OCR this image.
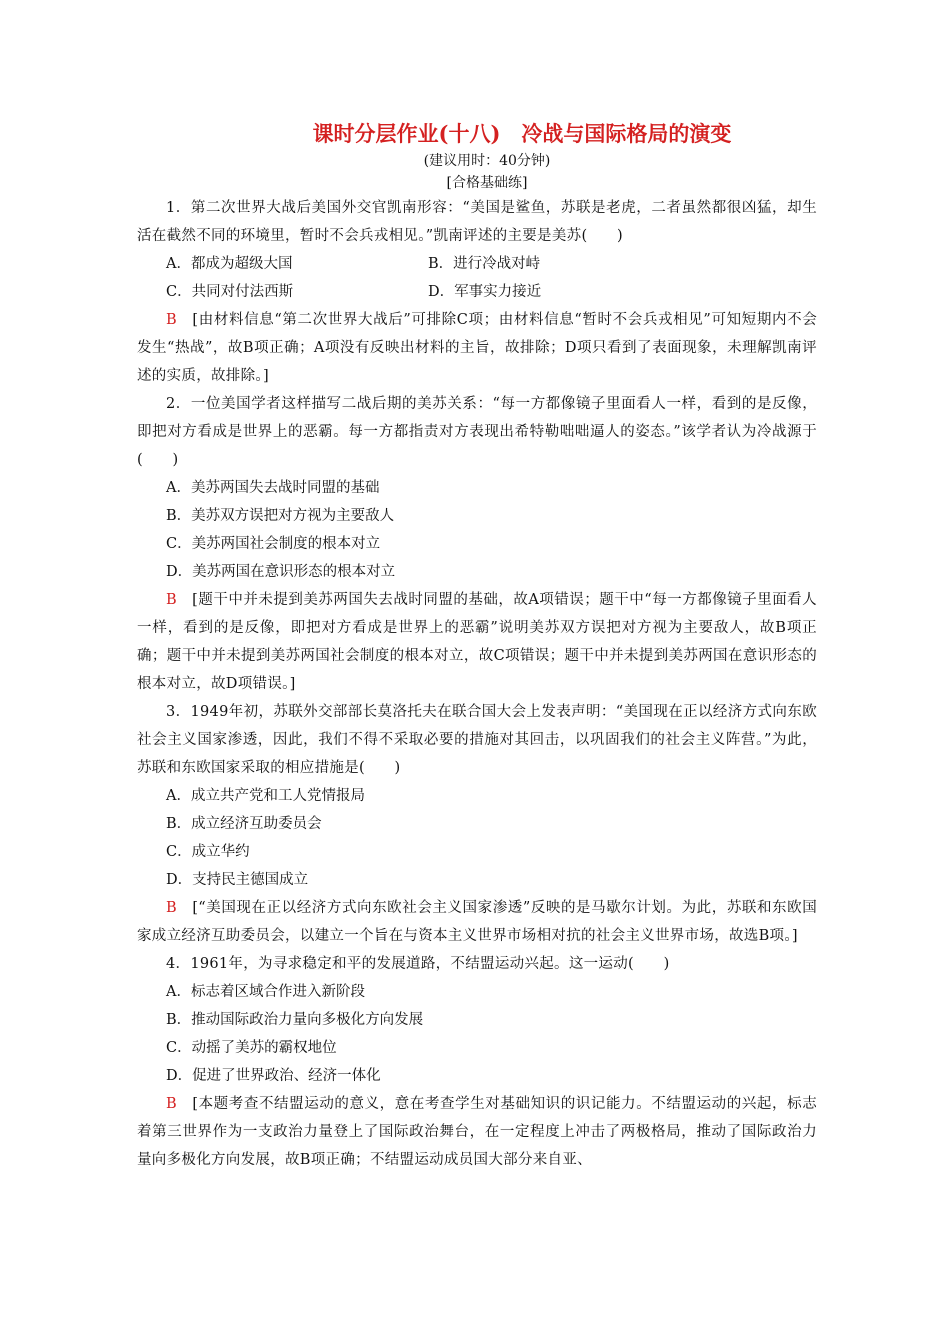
课时分层作业(十八)　冷战与国际格局的演变
(建议用时：40分钟)
[合格基础练]

1．第二次世界大战后美国外交官凯南形容：“美国是鲨鱼，苏联是老虎，二者虽然都很凶猛，却生活在截然不同的环境里，暂时不会兵戎相见。”凯南评述的主要是美苏(　　)

A．都成为超级大国	B．进行冷战对峙
C．共同对付法西斯	D．军事实力接近

B　[由材料信息“第二次世界大战后”可排除C项；由材料信息“暂时不会兵戎相见”可知短期内不会发生“热战”，故B项正确；A项没有反映出材料的主旨，故排除；D项只看到了表面现象，未理解凯南评述的实质，故排除。]

2．一位美国学者这样描写二战后期的美苏关系：“每一方都像镜子里面看人一样，看到的是反像，即把对方看成是世界上的恶霸。每一方都指责对方表现出希特勒咄咄逼人的姿态。”该学者认为冷战源于(　　)

A．美苏两国失去战时同盟的基础

B．美苏双方误把对方视为主要敌人

C．美苏两国社会制度的根本对立

D．美苏两国在意识形态的根本对立

B　[题干中并未提到美苏两国失去战时同盟的基础，故A项错误；题干中“每一方都像镜子里面看人一样，看到的是反像，即把对方看成是世界上的恶霸”说明美苏双方误把对方视为主要敌人，故B项正确；题干中并未提到美苏两国社会制度的根本对立，故C项错误；题干中并未提到美苏两国在意识形态的根本对立，故D项错误。]

3．1949年初，苏联外交部部长莫洛托夫在联合国大会上发表声明：“美国现在正以经济方式向东欧社会主义国家渗透，因此，我们不得不采取必要的措施对其回击，以巩固我们的社会主义阵营。”为此，苏联和东欧国家采取的相应措施是(　　)

A．成立共产党和工人党情报局

B．成立经济互助委员会

C．成立华约

D．支持民主德国成立

B　[“美国现在正以经济方式向东欧社会主义国家渗透”反映的是马歇尔计划。为此，苏联和东欧国家成立经济互助委员会，以建立一个旨在与资本主义世界市场相对抗的社会主义世界市场，故选B项。]

4．1961年，为寻求稳定和平的发展道路，不结盟运动兴起。这一运动(　　)

A．标志着区域合作进入新阶段

B．推动国际政治力量向多极化方向发展

C．动摇了美苏的霸权地位

D．促进了世界政治、经济一体化

B　[本题考查不结盟运动的意义，意在考查学生对基础知识的识记能力。不结盟运动的兴起，标志着第三世界作为一支政治力量登上了国际政治舞台，在一定程度上冲击了两极格局，推动了国际政治力量向多极化方向发展，故B项正确；不结盟运动成员国大部分来自亚、
